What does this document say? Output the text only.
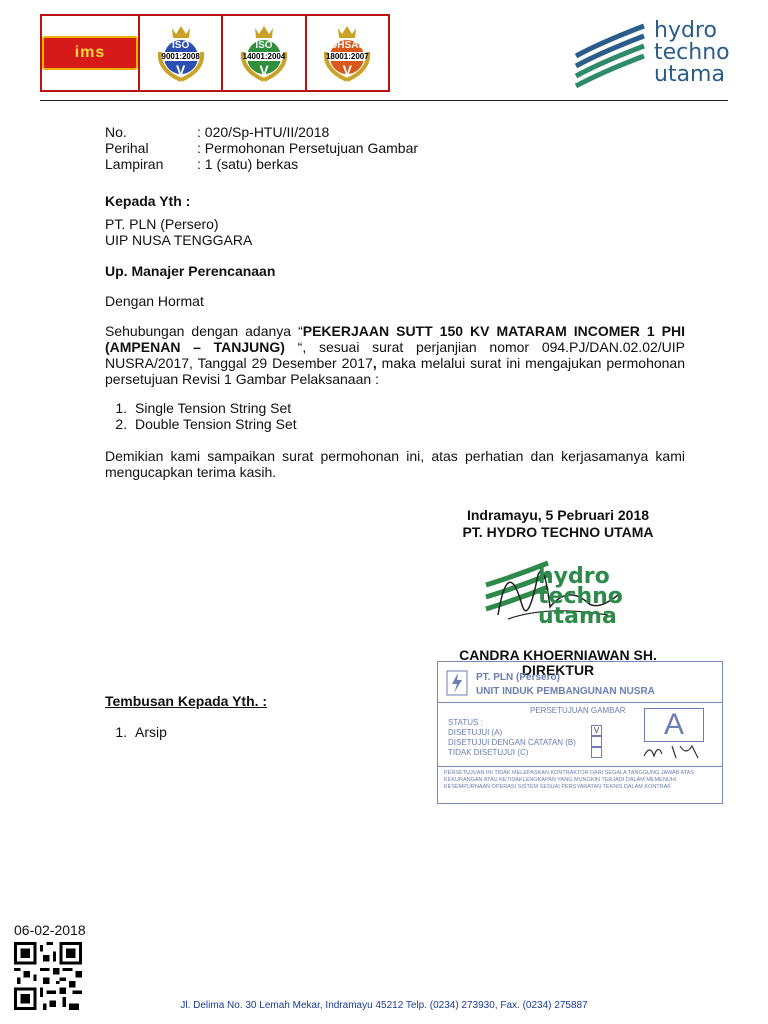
ims	ISO
9001:2008
V
ISO
14001:2004
V
OHSAS
18001:2007
V
hydro
techno
utama
No.	: 020/Sp-HTU/II/2018
Perihal	: Permohonan Persetujuan Gambar
Lampiran	: 1 (satu) berkas
Kepada Yth :
PT. PLN (Persero)
UIP NUSA TENGGARA
Up. Manajer Perencanaan
Dengan Hormat
Sehubungan dengan adanya “PEKERJAAN SUTT 150 KV MATARAM INCOMER 1 PHI (AMPENAN – TANJUNG) “, sesuai surat perjanjian nomor 094.PJ/DAN.02.02/UIP NUSRA/2017, Tanggal 29 Desember 2017, maka melalui surat ini mengajukan permohonan persetujuan Revisi 1 Gambar Pelaksanaan :
1. Single Tension String Set
2. Double Tension String Set
Demikian kami sampaikan surat permohonan ini, atas perhatian dan kerjasamanya kami mengucapkan terima kasih.
Indramayu, 5 Pebruari 2018
PT. HYDRO TECHNO UTAMA
hydro
techno
utama
CANDRA KHOERNIAWAN SH.
DIREKTUR
PT. PLN (Persero)
UNIT INDUK PEMBANGUNAN NUSRA
PERSETUJUAN GAMBAR
STATUS :
DISETUJUI (A)
DISETUJUI DENGAN CATATAN (B)
TIDAK DISETUJUI (C)
V	A
PERSETUJUAN INI TIDAK MELEPASKAN KONTRAKTOR DARI SEGALA TANGGUNG JAWAB ATAS KEKURANGAN ATAU KETIDAKLENGKAPAN YANG MUNGKIN TERJADI DALAM MEMENUHI KESEMPURNAAN OPERASI SISTEM SESUAI PERSYARATAN TEKNIS DALAM KONTRAK
Tembusan Kepada Yth. :
1. Arsip
06-02-2018
Jl. Delima No. 30 Lemah Mekar, Indramayu 45212 Telp. (0234) 273930, Fax. (0234) 275887
